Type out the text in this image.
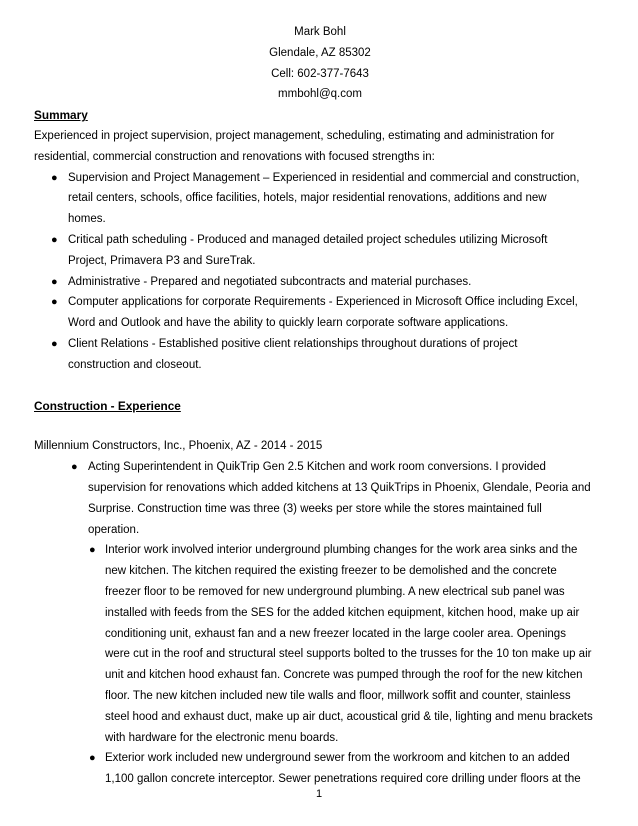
Mark Bohl
Glendale, AZ 85302
Cell: 602-377-7643
mmbohl@q.com
Summary
Experienced in project supervision, project management, scheduling, estimating and administration for
residential, commercial construction and renovations with focused strengths in:
● Supervision and Project Management – Experienced in residential and commercial and construction,
retail centers, schools, office facilities, hotels, major residential renovations, additions and new
homes.
● Critical path scheduling - Produced and managed detailed project schedules utilizing Microsoft
Project, Primavera P3 and SureTrak.
● Administrative - Prepared and negotiated subcontracts and material purchases.
● Computer applications for corporate Requirements - Experienced in Microsoft Office including Excel,
Word and Outlook and have the ability to quickly learn corporate software applications.
● Client Relations - Established positive client relationships throughout durations of project
construction and closeout.
Construction - Experience
Millennium Constructors, Inc., Phoenix, AZ - 2014 - 2015
● Acting Superintendent in QuikTrip Gen 2.5 Kitchen and work room conversions. I provided
supervision for renovations which added kitchens at 13 QuikTrips in Phoenix, Glendale, Peoria and
Surprise. Construction time was three (3) weeks per store while the stores maintained full
operation.
● Interior work involved interior underground plumbing changes for the work area sinks and the
new kitchen. The kitchen required the existing freezer to be demolished and the concrete
freezer floor to be removed for new underground plumbing. A new electrical sub panel was
installed with feeds from the SES for the added kitchen equipment, kitchen hood, make up air
conditioning unit, exhaust fan and a new freezer located in the large cooler area. Openings
were cut in the roof and structural steel supports bolted to the trusses for the 10 ton make up air
unit and kitchen hood exhaust fan. Concrete was pumped through the roof for the new kitchen
floor. The new kitchen included new tile walls and floor, millwork soffit and counter, stainless
steel hood and exhaust duct, make up air duct, acoustical grid & tile, lighting and menu brackets
with hardware for the electronic menu boards.
● Exterior work included new underground sewer from the workroom and kitchen to an added
1,100 gallon concrete interceptor. Sewer penetrations required core drilling under floors at the
1
